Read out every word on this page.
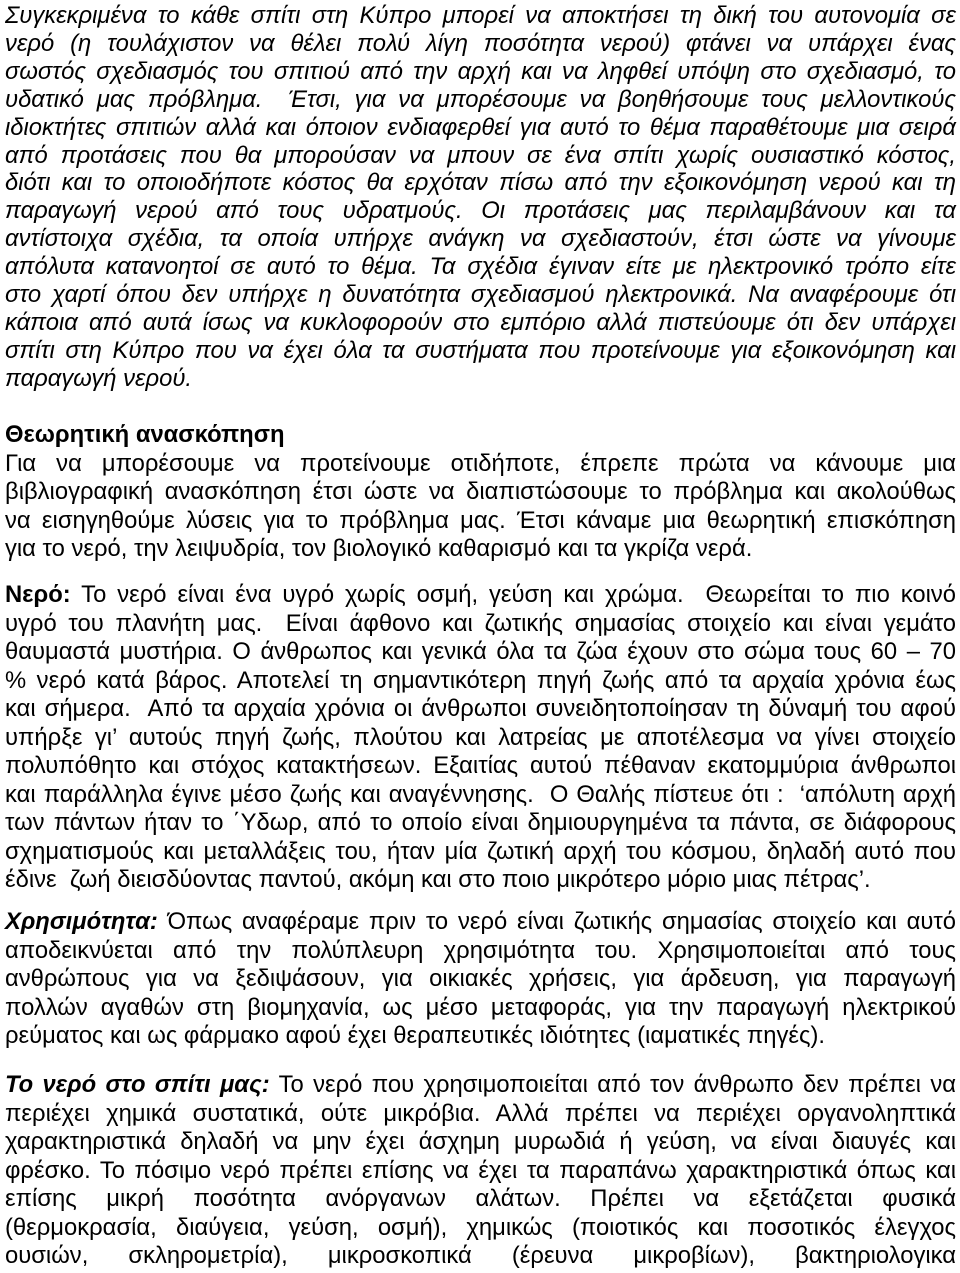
Συγκεκριμένα το κάθε σπίτι στη Κύπρο μπορεί να αποκτήσει τη δική του αυτονομία σε
νερό (η τουλάχιστον να θέλει πολύ λίγη ποσότητα νερού) φτάνει να υπάρχει ένας
σωστός σχεδιασμός του σπιτιού από την αρχή και να ληφθεί υπόψη στο σχεδιασμό, το
υδατικό μας πρόβλημα.  Έτσι, για να μπορέσουμε να βοηθήσουμε τους μελλοντικούς
ιδιοκτήτες σπιτιών αλλά και όποιον ενδιαφερθεί για αυτό το θέμα παραθέτουμε μια σειρά
από προτάσεις που θα μπορούσαν να μπουν σε ένα σπίτι χωρίς ουσιαστικό κόστος,
διότι και το οποιοδήποτε κόστος θα ερχόταν πίσω από την εξοικονόμηση νερού και τη
παραγωγή νερού από τους υδρατμούς. Οι προτάσεις μας περιλαμβάνουν και τα
αντίστοιχα σχέδια, τα οποία υπήρχε ανάγκη να σχεδιαστούν, έτσι ώστε να γίνουμε
απόλυτα κατανοητοί σε αυτό το θέμα. Τα σχέδια έγιναν είτε με ηλεκτρονικό τρόπο είτε
στο χαρτί όπου δεν υπήρχε η δυνατότητα σχεδιασμού ηλεκτρονικά. Να αναφέρουμε ότι
κάποια από αυτά ίσως να κυκλοφορούν στο εμπόριο αλλά πιστεύουμε ότι δεν υπάρχει
σπίτι στη Κύπρο που να έχει όλα τα συστήματα που προτείνουμε για εξοικονόμηση και
παραγωγή νερού.
Θεωρητική ανασκόπηση
Για να μπορέσουμε να προτείνουμε οτιδήποτε, έπρεπε πρώτα να κάνουμε μια
βιβλιογραφική ανασκόπηση έτσι ώστε να διαπιστώσουμε το πρόβλημα και ακολούθως
να εισηγηθούμε λύσεις για το πρόβλημα μας. Έτσι κάναμε μια θεωρητική επισκόπηση
για το νερό, την λειψυδρία, τον βιολογικό καθαρισμό και τα γκρίζα νερά.
Νερό: Το νερό είναι ένα υγρό χωρίς οσμή, γεύση και χρώμα.  Θεωρείται το πιο κοινό
υγρό του πλανήτη μας.  Είναι άφθονο και ζωτικής σημασίας στοιχείο και είναι γεμάτο
θαυμαστά μυστήρια. Ο άνθρωπος και γενικά όλα τα ζώα έχουν στο σώμα τους 60 – 70
% νερό κατά βάρος. Αποτελεί τη σημαντικότερη πηγή ζωής από τα αρχαία χρόνια έως
και σήμερα.  Από τα αρχαία χρόνια οι άνθρωποι συνειδητοποίησαν τη δύναμή του αφού
υπήρξε γι’ αυτούς πηγή ζωής, πλούτου και λατρείας με αποτέλεσμα να γίνει στοιχείο
πολυπόθητο και στόχος κατακτήσεων. Εξαιτίας αυτού πέθαναν εκατομμύρια άνθρωποι
και παράλληλα έγινε μέσο ζωής και αναγέννησης.  Ο Θαλής πίστευε ότι :  ‘απόλυτη αρχή
των πάντων ήταν το ΄Υδωρ, από το οποίο είναι δημιουργημένα τα πάντα, σε διάφορους
σχηματισμούς και μεταλλάξεις του, ήταν μία ζωτική αρχή του κόσμου, δηλαδή αυτό που
έδινε  ζωή διεισδύοντας παντού, ακόμη και στο ποιο μικρότερο μόριο μιας πέτρας’.
Χρησιμότητα: Όπως αναφέραμε πριν το νερό είναι ζωτικής σημασίας στοιχείο και αυτό
αποδεικνύεται από την πολύπλευρη χρησιμότητα του. Χρησιμοποιείται από τους
ανθρώπους για να ξεδιψάσουν, για οικιακές χρήσεις, για άρδευση, για παραγωγή
πολλών αγαθών στη βιομηχανία, ως μέσο μεταφοράς, για την παραγωγή ηλεκτρικού
ρεύματος και ως φάρμακο αφού έχει θεραπευτικές ιδιότητες (ιαματικές πηγές).
Το νερό στο σπίτι μας: Το νερό που χρησιμοποιείται από τον άνθρωπο δεν πρέπει να
περιέχει χημικά συστατικά, ούτε μικρόβια. Αλλά πρέπει να περιέχει οργανοληπτικά
χαρακτηριστικά δηλαδή να μην έχει άσχημη μυρωδιά ή γεύση, να είναι διαυγές και
φρέσκο. Το πόσιμο νερό πρέπει επίσης να έχει τα παραπάνω χαρακτηριστικά όπως και
επίσης μικρή ποσότητα ανόργανων αλάτων. Πρέπει να εξετάζεται φυσικά
(θερμοκρασία, διαύγεια, γεύση, οσμή), χημικώς (ποιοτικός και ποσοτικός έλεγχος
ουσιών, σκληρομετρία), μικροσκοπικά (έρευνα μικροβίων), βακτηριολογικα
